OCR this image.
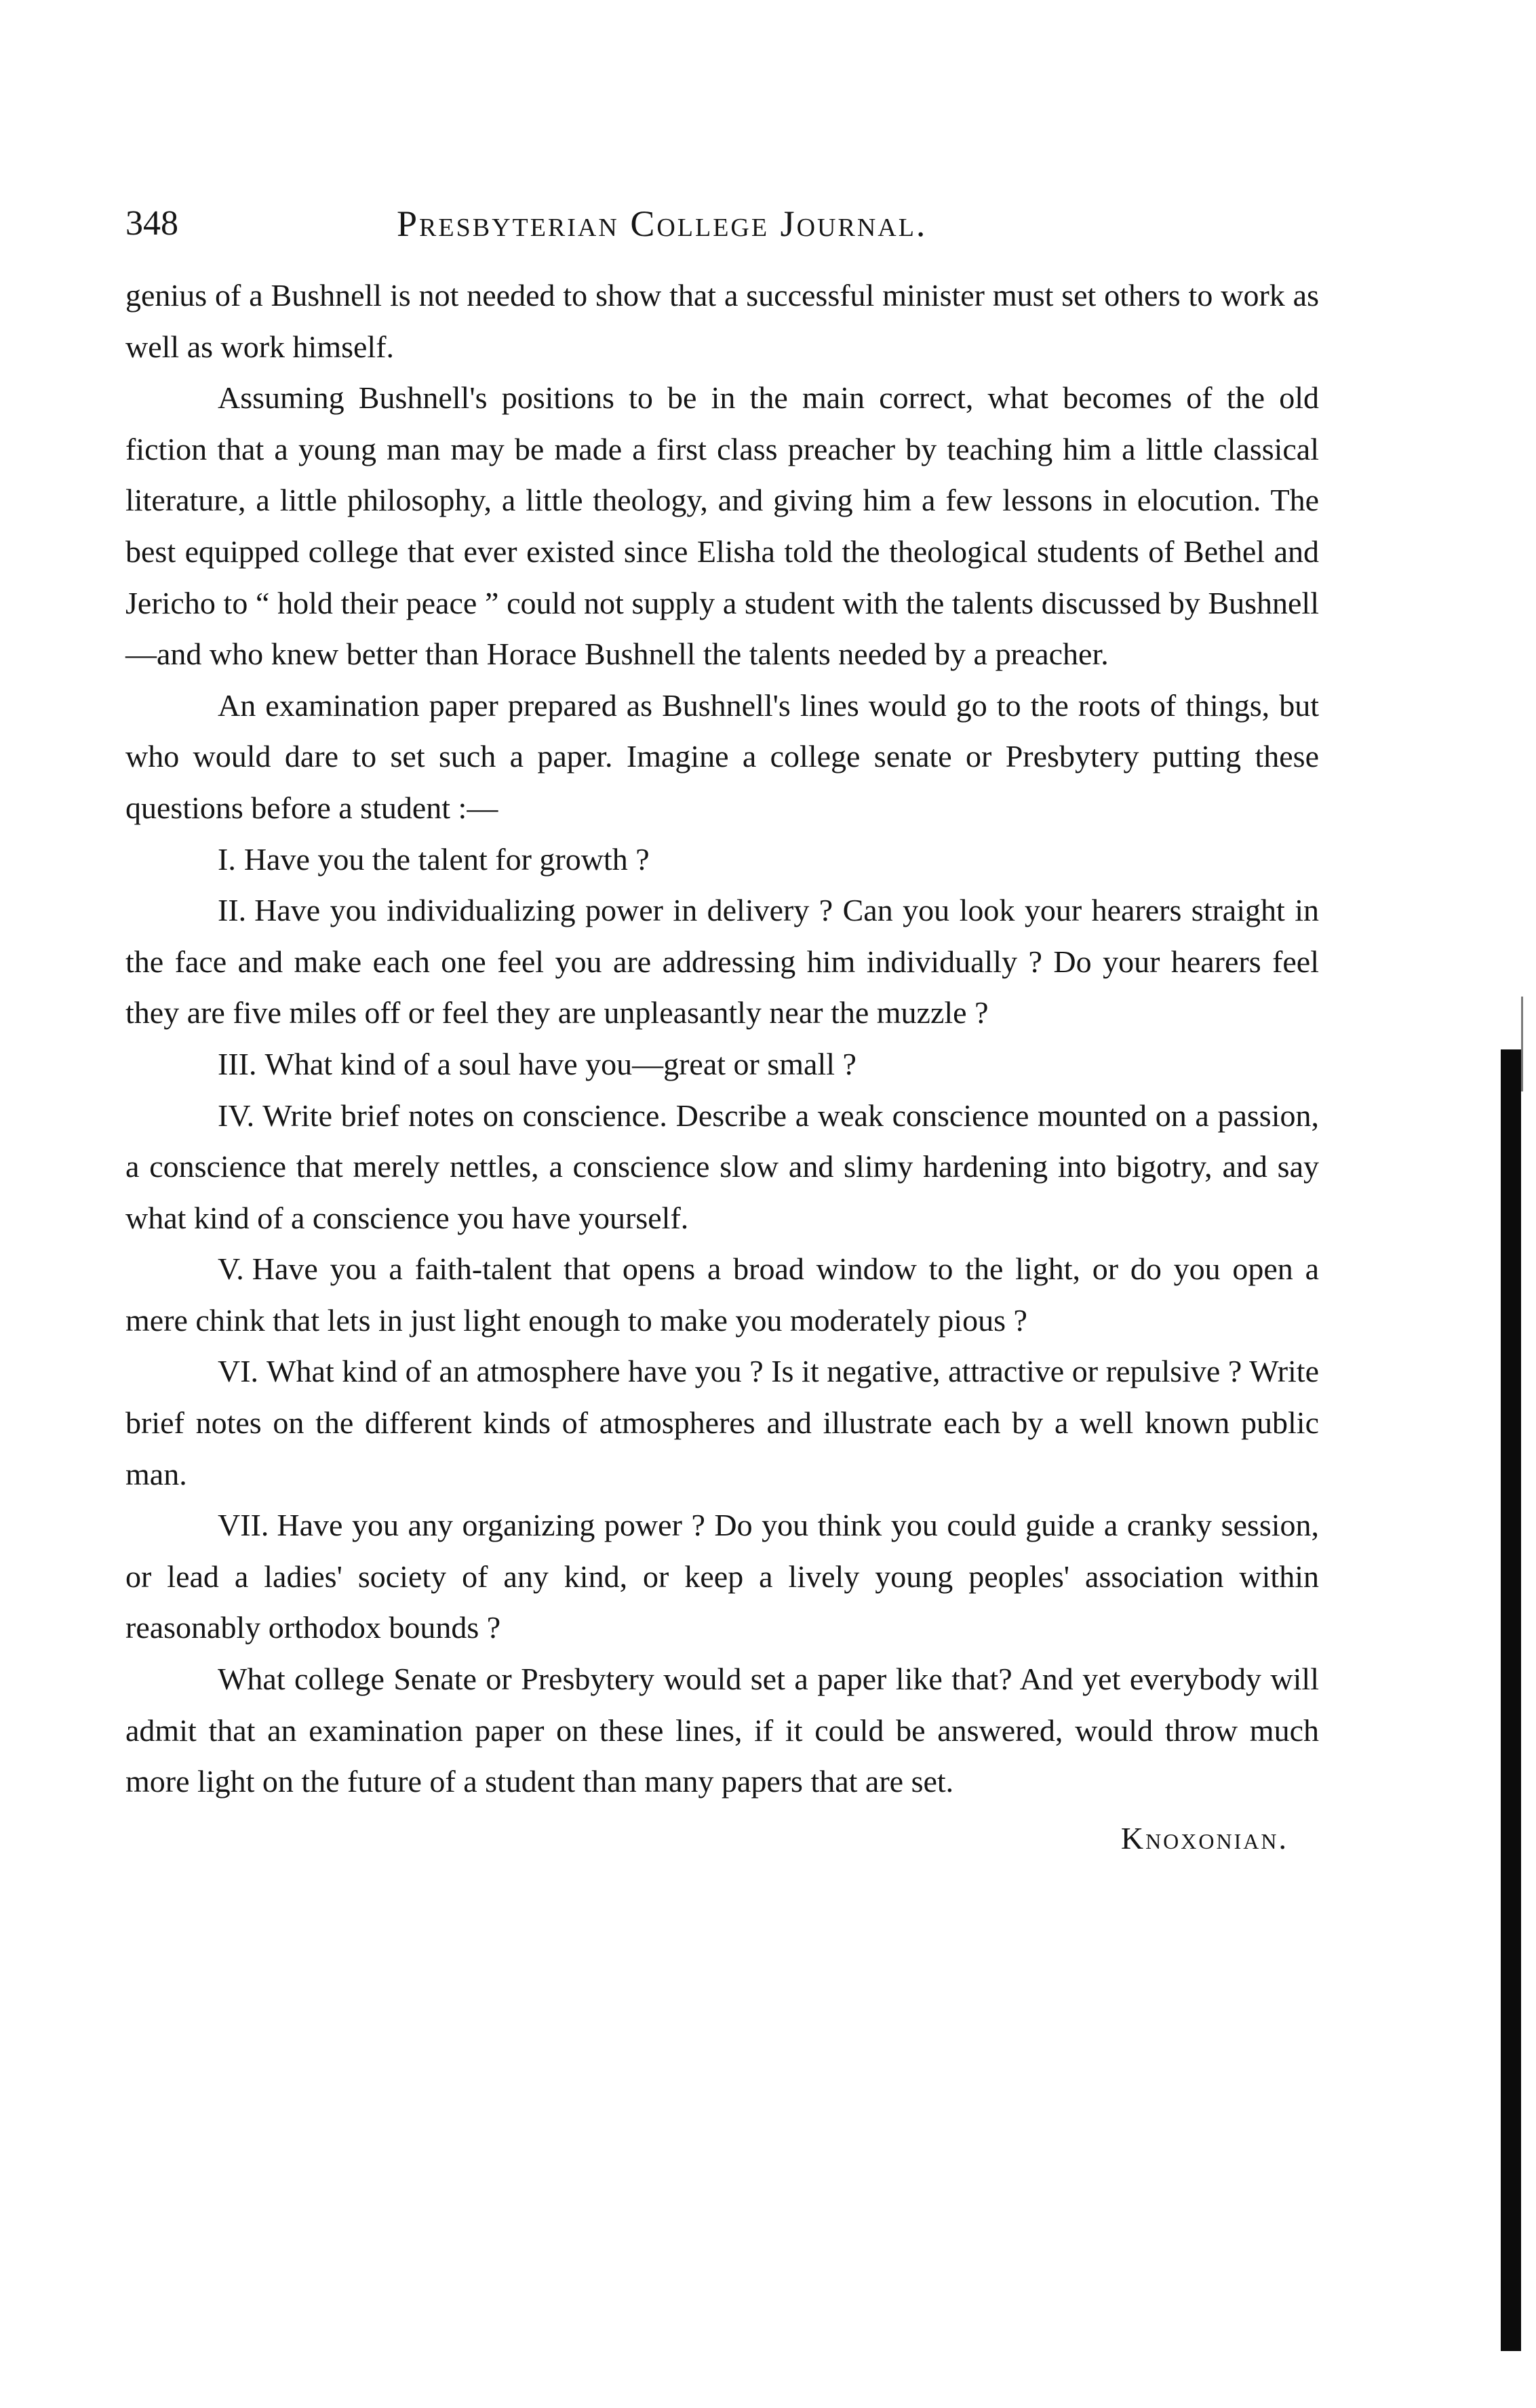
348	Presbyterian College Journal.

genius of a Bushnell is not needed to show that a successful minister must set others to work as well as work himself.

Assuming Bushnell's positions to be in the main correct, what becomes of the old fiction that a young man may be made a first class preacher by teaching him a little classical literature, a little philosophy, a little theology, and giving him a few lessons in elocution. The best equipped college that ever existed since Elisha told the theological students of Bethel and Jericho to “ hold their peace ” could not supply a student with the talents discussed by Bushnell—and who knew better than Horace Bushnell the talents needed by a preacher.

An examination paper prepared as Bushnell's lines would go to the roots of things, but who would dare to set such a paper. Imagine a college senate or Presbytery putting these questions before a student :—

I. Have you the talent for growth ?

II. Have you individualizing power in delivery ? Can you look your hearers straight in the face and make each one feel you are addressing him individually ? Do your hearers feel they are five miles off or feel they are unpleasantly near the muzzle ?

III. What kind of a soul have you—great or small ?

IV. Write brief notes on conscience. Describe a weak conscience mounted on a passion, a conscience that merely nettles, a conscience slow and slimy hardening into bigotry, and say what kind of a conscience you have yourself.

V. Have you a faith-talent that opens a broad window to the light, or do you open a mere chink that lets in just light enough to make you moderately pious ?

VI. What kind of an atmosphere have you ? Is it negative, attractive or repulsive ? Write brief notes on the different kinds of atmospheres and illustrate each by a well known public man.

VII. Have you any organizing power ? Do you think you could guide a cranky session, or lead a ladies' society of any kind, or keep a lively young peoples' association within reasonably orthodox bounds ?

What college Senate or Presbytery would set a paper like that? And yet everybody will admit that an examination paper on these lines, if it could be answered, would throw much more light on the future of a student than many papers that are set.

Knoxonian.
